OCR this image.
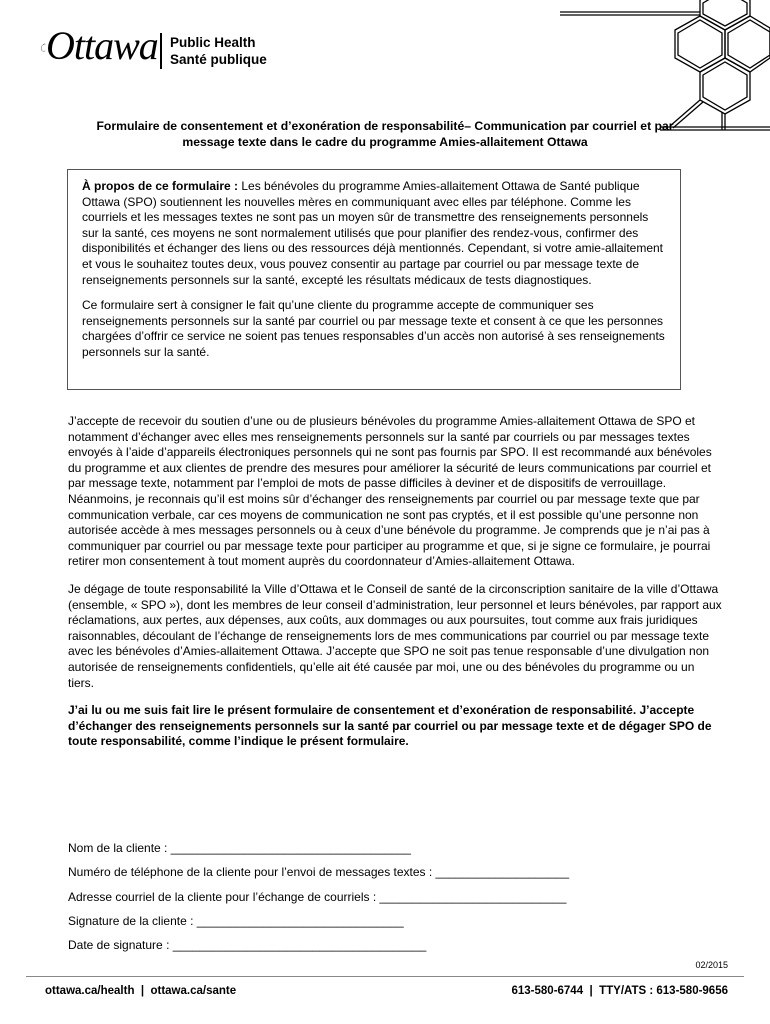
Ottawa Public Health
Santé publique
Formulaire de consentement et d’exonération de responsabilité– Communication par courriel et par
message texte dans le cadre du programme Amies-allaitement Ottawa

À propos de ce formulaire : Les bénévoles du programme Amies-allaitement Ottawa de Santé publique Ottawa (SPO) soutiennent les nouvelles mères en communiquant avec elles par téléphone. Comme les courriels et les messages textes ne sont pas un moyen sûr de transmettre des renseignements personnels sur la santé, ces moyens ne sont normalement utilisés que pour planifier des rendez-vous, confirmer des disponibilités et échanger des liens ou des ressources déjà mentionnés. Cependant, si votre amie-allaitement et vous le souhaitez toutes deux, vous pouvez consentir au partage par courriel ou par message texte de renseignements personnels sur la santé, excepté les résultats médicaux de tests diagnostiques.

Ce formulaire sert à consigner le fait qu’une cliente du programme accepte de communiquer ses renseignements personnels sur la santé par courriel ou par message texte et consent à ce que les personnes chargées d’offrir ce service ne soient pas tenues responsables d’un accès non autorisé à ses renseignements personnels sur la santé.

J’accepte de recevoir du soutien d’une ou de plusieurs bénévoles du programme Amies-allaitement Ottawa de SPO et notamment d’échanger avec elles mes renseignements personnels sur la santé par courriels ou par messages textes envoyés à l’aide d’appareils électroniques personnels qui ne sont pas fournis par SPO. Il est recommandé aux bénévoles du programme et aux clientes de prendre des mesures pour améliorer la sécurité de leurs communications par courriel et par message texte, notamment par l’emploi de mots de passe difficiles à deviner et de dispositifs de verrouillage. Néanmoins, je reconnais qu’il est moins sûr d’échanger des renseignements par courriel ou par message texte que par communication verbale, car ces moyens de communication ne sont pas cryptés, et il est possible qu’une personne non autorisée accède à mes messages personnels ou à ceux d’une bénévole du programme. Je comprends que je n’ai pas à communiquer par courriel ou par message texte pour participer au programme et que, si je signe ce formulaire, je pourrai retirer mon consentement à tout moment auprès du coordonnateur d’Amies-allaitement Ottawa.

Je dégage de toute responsabilité la Ville d’Ottawa et le Conseil de santé de la circonscription sanitaire de la ville d’Ottawa (ensemble, « SPO »), dont les membres de leur conseil d’administration, leur personnel et leurs bénévoles, par rapport aux réclamations, aux pertes, aux dépenses, aux coûts, aux dommages ou aux poursuites, tout comme aux frais juridiques raisonnables, découlant de l’échange de renseignements lors de mes communications par courriel ou par message texte avec les bénévoles d’Amies-allaitement Ottawa. J’accepte que SPO ne soit pas tenue responsable d’une divulgation non autorisée de renseignements confidentiels, qu’elle ait été causée par moi, une ou des bénévoles du programme ou un tiers.

J’ai lu ou me suis fait lire le présent formulaire de consentement et d’exonération de responsabilité. J’accepte d’échanger des renseignements personnels sur la santé par courriel ou par message texte et de dégager SPO de toute responsabilité, comme l’indique le présent formulaire.

Nom de la cliente : ____________________________________
Numéro de téléphone de la cliente pour l’envoi de messages textes : ____________________
Adresse courriel de la cliente pour l’échange de courriels : ____________________________
Signature de la cliente : _______________________________
Date de signature : ______________________________________
02/2015
ottawa.ca/health  |  ottawa.ca/sante	613-580-6744  |  TTY/ATS : 613-580-9656
